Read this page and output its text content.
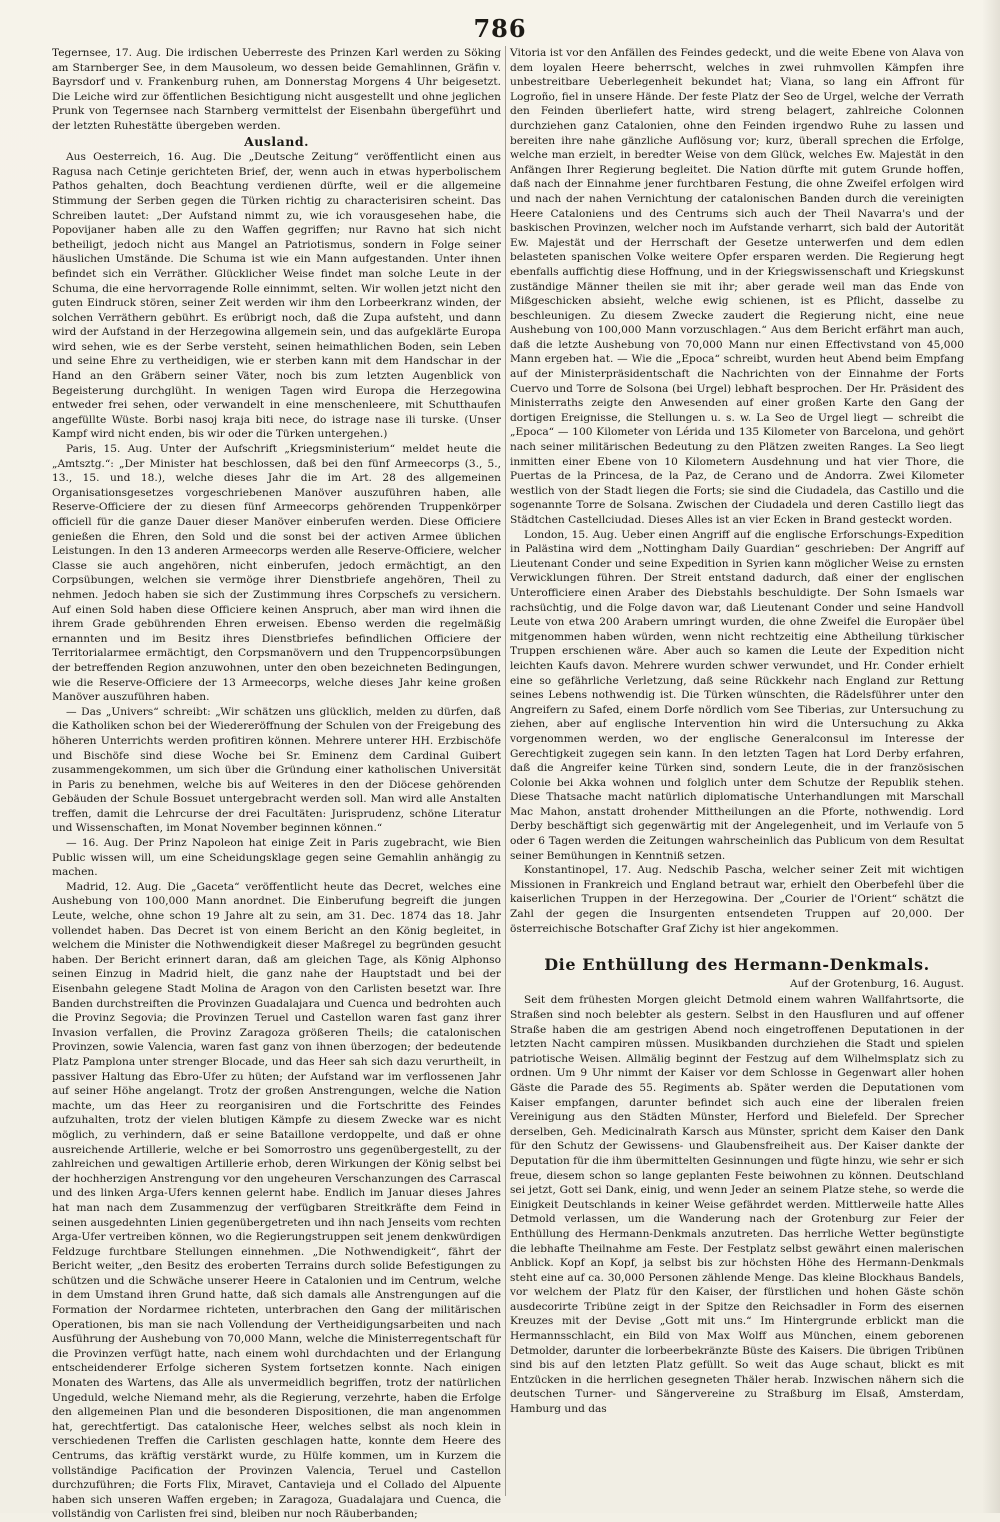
786

Tegernsee, 17. Aug. Die irdischen Ueberreste des Prinzen Karl werden zu Söking am Starnberger See, in dem Mausoleum, wo dessen beide Gemahlinnen, Gräfin v. Bayrsdorf und v. Frankenburg ruhen, am Donnerstag Morgens 4 Uhr beigesetzt. Die Leiche wird zur öffentlichen Besichtigung nicht ausgestellt und ohne jeglichen Prunk von Tegernsee nach Starnberg vermittelst der Eisenbahn übergeführt und der letzten Ruhestätte übergeben werden.

Ausland.

Aus Oesterreich, 16. Aug. Die „Deutsche Zeitung“ veröffentlicht einen aus Ragusa nach Cetinje gerichteten Brief, der, wenn auch in etwas hyperbolischem Pathos gehalten, doch Beachtung verdienen dürfte, weil er die allgemeine Stimmung der Serben gegen die Türken richtig zu characterisiren scheint. Das Schreiben lautet: „Der Aufstand nimmt zu, wie ich vorausgesehen habe, die Popovijaner haben alle zu den Waffen gegriffen; nur Ravno hat sich nicht betheiligt, jedoch nicht aus Mangel an Patriotismus, sondern in Folge seiner häuslichen Umstände. Die Schuma ist wie ein Mann aufgestanden. Unter ihnen befindet sich ein Verräther. Glücklicher Weise findet man solche Leute in der Schuma, die eine hervorragende Rolle einnimmt, selten. Wir wollen jetzt nicht den guten Eindruck stören, seiner Zeit werden wir ihm den Lorbeerkranz winden, der solchen Verräthern gebührt. Es erübrigt noch, daß die Zupa aufsteht, und dann wird der Aufstand in der Herzegowina allgemein sein, und das aufgeklärte Europa wird sehen, wie es der Serbe versteht, seinen heimathlichen Boden, sein Leben und seine Ehre zu vertheidigen, wie er sterben kann mit dem Handschar in der Hand an den Gräbern seiner Väter, noch bis zum letzten Augenblick von Begeisterung durchglüht. In wenigen Tagen wird Europa die Herzegowina entweder frei sehen, oder verwandelt in eine menschenleere, mit Schutthaufen angefüllte Wüste. Borbi nasoj kraja biti nece, do istrage nase ili turske. (Unser Kampf wird nicht enden, bis wir oder die Türken untergehen.)

Paris, 15. Aug. Unter der Aufschrift „Kriegsministerium“ meldet heute die „Amtsztg.“: „Der Minister hat beschlossen, daß bei den fünf Armeecorps (3., 5., 13., 15. und 18.), welche dieses Jahr die im Art. 28 des allgemeinen Organisationsgesetzes vorgeschriebenen Manöver auszuführen haben, alle Reserve-Officiere der zu diesen fünf Armeecorps gehörenden Truppenkörper officiell für die ganze Dauer dieser Manöver einberufen werden. Diese Officiere genießen die Ehren, den Sold und die sonst bei der activen Armee üblichen Leistungen. In den 13 anderen Armeecorps werden alle Reserve-Officiere, welcher Classe sie auch angehören, nicht einberufen, jedoch ermächtigt, an den Corpsübungen, welchen sie vermöge ihrer Dienstbriefe angehören, Theil zu nehmen. Jedoch haben sie sich der Zustimmung ihres Corpschefs zu versichern. Auf einen Sold haben diese Officiere keinen Anspruch, aber man wird ihnen die ihrem Grade gebührenden Ehren erweisen. Ebenso werden die regelmäßig ernannten und im Besitz ihres Dienstbriefes befindlichen Officiere der Territorialarmee ermächtigt, den Corpsmanövern und den Truppencorpsübungen der betreffenden Region anzuwohnen, unter den oben bezeichneten Bedingungen, wie die Reserve-Officiere der 13 Armeecorps, welche dieses Jahr keine großen Manöver auszuführen haben.

— Das „Univers“ schreibt: „Wir schätzen uns glücklich, melden zu dürfen, daß die Katholiken schon bei der Wiedereröffnung der Schulen von der Freigebung des höheren Unterrichts werden profitiren können. Mehrere unterer HH. Erzbischöfe und Bischöfe sind diese Woche bei Sr. Eminenz dem Cardinal Guibert zusammengekommen, um sich über die Gründung einer katholischen Universität in Paris zu benehmen, welche bis auf Weiteres in den der Diöcese gehörenden Gebäuden der Schule Bossuet untergebracht werden soll. Man wird alle Anstalten treffen, damit die Lehrcurse der drei Facultäten: Jurisprudenz, schöne Literatur und Wissenschaften, im Monat November beginnen können.“

— 16. Aug. Der Prinz Napoleon hat einige Zeit in Paris zugebracht, wie Bien Public wissen will, um eine Scheidungsklage gegen seine Gemahlin anhängig zu machen.

Madrid, 12. Aug. Die „Gaceta“ veröffentlicht heute das Decret, welches eine Aushebung von 100,000 Mann anordnet. Die Einberufung begreift die jungen Leute, welche, ohne schon 19 Jahre alt zu sein, am 31. Dec. 1874 das 18. Jahr vollendet haben. Das Decret ist von einem Bericht an den König begleitet, in welchem die Minister die Nothwendigkeit dieser Maßregel zu begründen gesucht haben. Der Bericht erinnert daran, daß am gleichen Tage, als König Alphonso seinen Einzug in Madrid hielt, die ganz nahe der Hauptstadt und bei der Eisenbahn gelegene Stadt Molina de Aragon von den Carlisten besetzt war. Ihre Banden durchstreiften die Provinzen Guadalajara und Cuenca und bedrohten auch die Provinz Segovia; die Provinzen Teruel und Castellon waren fast ganz ihrer Invasion verfallen, die Provinz Zaragoza größeren Theils; die catalonischen Provinzen, sowie Valencia, waren fast ganz von ihnen überzogen; der bedeutende Platz Pamplona unter strenger Blocade, und das Heer sah sich dazu verurtheilt, in passiver Haltung das Ebro-Ufer zu hüten; der Aufstand war im verflossenen Jahr auf seiner Höhe angelangt. Trotz der großen Anstrengungen, welche die Nation machte, um das Heer zu reorganisiren und die Fortschritte des Feindes aufzuhalten, trotz der vielen blutigen Kämpfe zu diesem Zwecke war es nicht möglich, zu verhindern, daß er seine Bataillone verdoppelte, und daß er ohne ausreichende Artillerie, welche er bei Somorrostro uns gegenübergestellt, zu der zahlreichen und gewaltigen Artillerie erhob, deren Wirkungen der König selbst bei der hochherzigen Anstrengung vor den ungeheuren Verschanzungen des Carrascal und des linken Arga-Ufers kennen gelernt habe. Endlich im Januar dieses Jahres hat man nach dem Zusammenzug der verfügbaren Streitkräfte dem Feind in seinen ausgedehnten Linien gegenübergetreten und ihn nach Jenseits vom rechten Arga-Ufer vertreiben können, wo die Regierungstruppen seit jenem denkwürdigen Feldzuge furchtbare Stellungen einnehmen. „Die Nothwendigkeit“, fährt der Bericht weiter, „den Besitz des eroberten Terrains durch solide Befestigungen zu schützen und die Schwäche unserer Heere in Catalonien und im Centrum, welche in dem Umstand ihren Grund hatte, daß sich damals alle Anstrengungen auf die Formation der Nordarmee richteten, unterbrachen den Gang der militärischen Operationen, bis man sie nach Vollendung der Vertheidigungsarbeiten und nach Ausführung der Aushebung von 70,000 Mann, welche die Ministerregentschaft für die Provinzen verfügt hatte, nach einem wohl durchdachten und der Erlangung entscheidenderer Erfolge sicheren System fortsetzen konnte. Nach einigen Monaten des Wartens, das Alle als unvermeidlich begriffen, trotz der natürlichen Ungeduld, welche Niemand mehr, als die Regierung, verzehrte, haben die Erfolge den allgemeinen Plan und die besonderen Dispositionen, die man angenommen hat, gerechtfertigt. Das catalonische Heer, welches selbst als noch klein in verschiedenen Treffen die Carlisten geschlagen hatte, konnte dem Heere des Centrums, das kräftig verstärkt wurde, zu Hülfe kommen, um in Kurzem die vollständige Pacification der Provinzen Valencia, Teruel und Castellon durchzuführen; die Forts Flix, Miravet, Cantavieja und el Collado del Alpuente haben sich unseren Waffen ergeben; in Zaragoza, Guadalajara und Cuenca, die vollständig von Carlisten frei sind, bleiben nur noch Räuberbanden;

Vitoria ist vor den Anfällen des Feindes gedeckt, und die weite Ebene von Alava von dem loyalen Heere beherrscht, welches in zwei ruhmvollen Kämpfen ihre unbestreitbare Ueberlegenheit bekundet hat; Viana, so lang ein Affront für Logroño, fiel in unsere Hände. Der feste Platz der Seo de Urgel, welche der Verrath den Feinden überliefert hatte, wird streng belagert, zahlreiche Colonnen durchziehen ganz Catalonien, ohne den Feinden irgendwo Ruhe zu lassen und bereiten ihre nahe gänzliche Auflösung vor; kurz, überall sprechen die Erfolge, welche man erzielt, in beredter Weise von dem Glück, welches Ew. Majestät in den Anfängen Ihrer Regierung begleitet. Die Nation dürfte mit gutem Grunde hoffen, daß nach der Einnahme jener furchtbaren Festung, die ohne Zweifel erfolgen wird und nach der nahen Vernichtung der catalonischen Banden durch die vereinigten Heere Cataloniens und des Centrums sich auch der Theil Navarra's und der baskischen Provinzen, welcher noch im Aufstande verharrt, sich bald der Autorität Ew. Majestät und der Herrschaft der Gesetze unterwerfen und dem edlen belasteten spanischen Volke weitere Opfer ersparen werden. Die Regierung hegt ebenfalls auffichtig diese Hoffnung, und in der Kriegswissenschaft und Kriegskunst zuständige Männer theilen sie mit ihr; aber gerade weil man das Ende von Mißgeschicken absieht, welche ewig schienen, ist es Pflicht, dasselbe zu beschleunigen. Zu diesem Zwecke zaudert die Regierung nicht, eine neue Aushebung von 100,000 Mann vorzuschlagen.“ Aus dem Bericht erfährt man auch, daß die letzte Aushebung von 70,000 Mann nur einen Effectivstand von 45,000 Mann ergeben hat. — Wie die „Epoca“ schreibt, wurden heut Abend beim Empfang auf der Ministerpräsidentschaft die Nachrichten von der Einnahme der Forts Cuervo und Torre de Solsona (bei Urgel) lebhaft besprochen. Der Hr. Präsident des Ministerraths zeigte den Anwesenden auf einer großen Karte den Gang der dortigen Ereignisse, die Stellungen u. s. w. La Seo de Urgel liegt — schreibt die „Epoca“ — 100 Kilometer von Lérida und 135 Kilometer von Barcelona, und gehört nach seiner militärischen Bedeutung zu den Plätzen zweiten Ranges. La Seo liegt inmitten einer Ebene von 10 Kilometern Ausdehnung und hat vier Thore, die Puertas de la Princesa, de la Paz, de Cerano und de Andorra. Zwei Kilometer westlich von der Stadt liegen die Forts; sie sind die Ciudadela, das Castillo und die sogenannte Torre de Solsana. Zwischen der Ciudadela und deren Castillo liegt das Städtchen Castellciudad. Dieses Alles ist an vier Ecken in Brand gesteckt worden.

London, 15. Aug. Ueber einen Angriff auf die englische Erforschungs-Expedition in Palästina wird dem „Nottingham Daily Guardian“ geschrieben: Der Angriff auf Lieutenant Conder und seine Expedition in Syrien kann möglicher Weise zu ernsten Verwicklungen führen. Der Streit entstand dadurch, daß einer der englischen Unterofficiere einen Araber des Diebstahls beschuldigte. Der Sohn Ismaels war rachsüchtig, und die Folge davon war, daß Lieutenant Conder und seine Handvoll Leute von etwa 200 Arabern umringt wurden, die ohne Zweifel die Europäer übel mitgenommen haben würden, wenn nicht rechtzeitig eine Abtheilung türkischer Truppen erschienen wäre. Aber auch so kamen die Leute der Expedition nicht leichten Kaufs davon. Mehrere wurden schwer verwundet, und Hr. Conder erhielt eine so gefährliche Verletzung, daß seine Rückkehr nach England zur Rettung seines Lebens nothwendig ist. Die Türken wünschten, die Rädelsführer unter den Angreifern zu Safed, einem Dorfe nördlich vom See Tiberias, zur Untersuchung zu ziehen, aber auf englische Intervention hin wird die Untersuchung zu Akka vorgenommen werden, wo der englische Generalconsul im Interesse der Gerechtigkeit zugegen sein kann. In den letzten Tagen hat Lord Derby erfahren, daß die Angreifer keine Türken sind, sondern Leute, die in der französischen Colonie bei Akka wohnen und folglich unter dem Schutze der Republik stehen. Diese Thatsache macht natürlich diplomatische Unterhandlungen mit Marschall Mac Mahon, anstatt drohender Mittheilungen an die Pforte, nothwendig. Lord Derby beschäftigt sich gegenwärtig mit der Angelegenheit, und im Verlaufe von 5 oder 6 Tagen werden die Zeitungen wahrscheinlich das Publicum von dem Resultat seiner Bemühungen in Kenntniß setzen.

Konstantinopel, 17. Aug. Nedschib Pascha, welcher seiner Zeit mit wichtigen Missionen in Frankreich und England betraut war, erhielt den Oberbefehl über die kaiserlichen Truppen in der Herzegowina. Der „Courier de l'Orient“ schätzt die Zahl der gegen die Insurgenten entsendeten Truppen auf 20,000. Der österreichische Botschafter Graf Zichy ist hier angekommen.

Die Enthüllung des Hermann-Denkmals.
Auf der Grotenburg, 16. August.

Seit dem frühesten Morgen gleicht Detmold einem wahren Wallfahrtsorte, die Straßen sind noch belebter als gestern. Selbst in den Hausfluren und auf offener Straße haben die am gestrigen Abend noch eingetroffenen Deputationen in der letzten Nacht campiren müssen. Musikbanden durchziehen die Stadt und spielen patriotische Weisen. Allmälig beginnt der Festzug auf dem Wilhelmsplatz sich zu ordnen. Um 9 Uhr nimmt der Kaiser vor dem Schlosse in Gegenwart aller hohen Gäste die Parade des 55. Regiments ab. Später werden die Deputationen vom Kaiser empfangen, darunter befindet sich auch eine der liberalen freien Vereinigung aus den Städten Münster, Herford und Bielefeld. Der Sprecher derselben, Geh. Medicinalrath Karsch aus Münster, spricht dem Kaiser den Dank für den Schutz der Gewissens- und Glaubensfreiheit aus. Der Kaiser dankte der Deputation für die ihm übermittelten Gesinnungen und fügte hinzu, wie sehr er sich freue, diesem schon so lange geplanten Feste beiwohnen zu können. Deutschland sei jetzt, Gott sei Dank, einig, und wenn Jeder an seinem Platze stehe, so werde die Einigkeit Deutschlands in keiner Weise gefährdet werden. Mittlerweile hatte Alles Detmold verlassen, um die Wanderung nach der Grotenburg zur Feier der Enthüllung des Hermann-Denkmals anzutreten. Das herrliche Wetter begünstigte die lebhafte Theilnahme am Feste. Der Festplatz selbst gewährt einen malerischen Anblick. Kopf an Kopf, ja selbst bis zur höchsten Höhe des Hermann-Denkmals steht eine auf ca. 30,000 Personen zählende Menge. Das kleine Blockhaus Bandels, vor welchem der Platz für den Kaiser, der fürstlichen und hohen Gäste schön ausdecorirte Tribüne zeigt in der Spitze den Reichsadler in Form des eisernen Kreuzes mit der Devise „Gott mit uns.“ Im Hintergrunde erblickt man die Hermannsschlacht, ein Bild von Max Wolff aus München, einem geborenen Detmolder, darunter die lorbeerbekränzte Büste des Kaisers. Die übrigen Tribünen sind bis auf den letzten Platz gefüllt. So weit das Auge schaut, blickt es mit Entzücken in die herrlichen gesegneten Thäler herab. Inzwischen nähern sich die deutschen Turner- und Sängervereine zu Straßburg im Elsaß, Amsterdam, Hamburg und das
